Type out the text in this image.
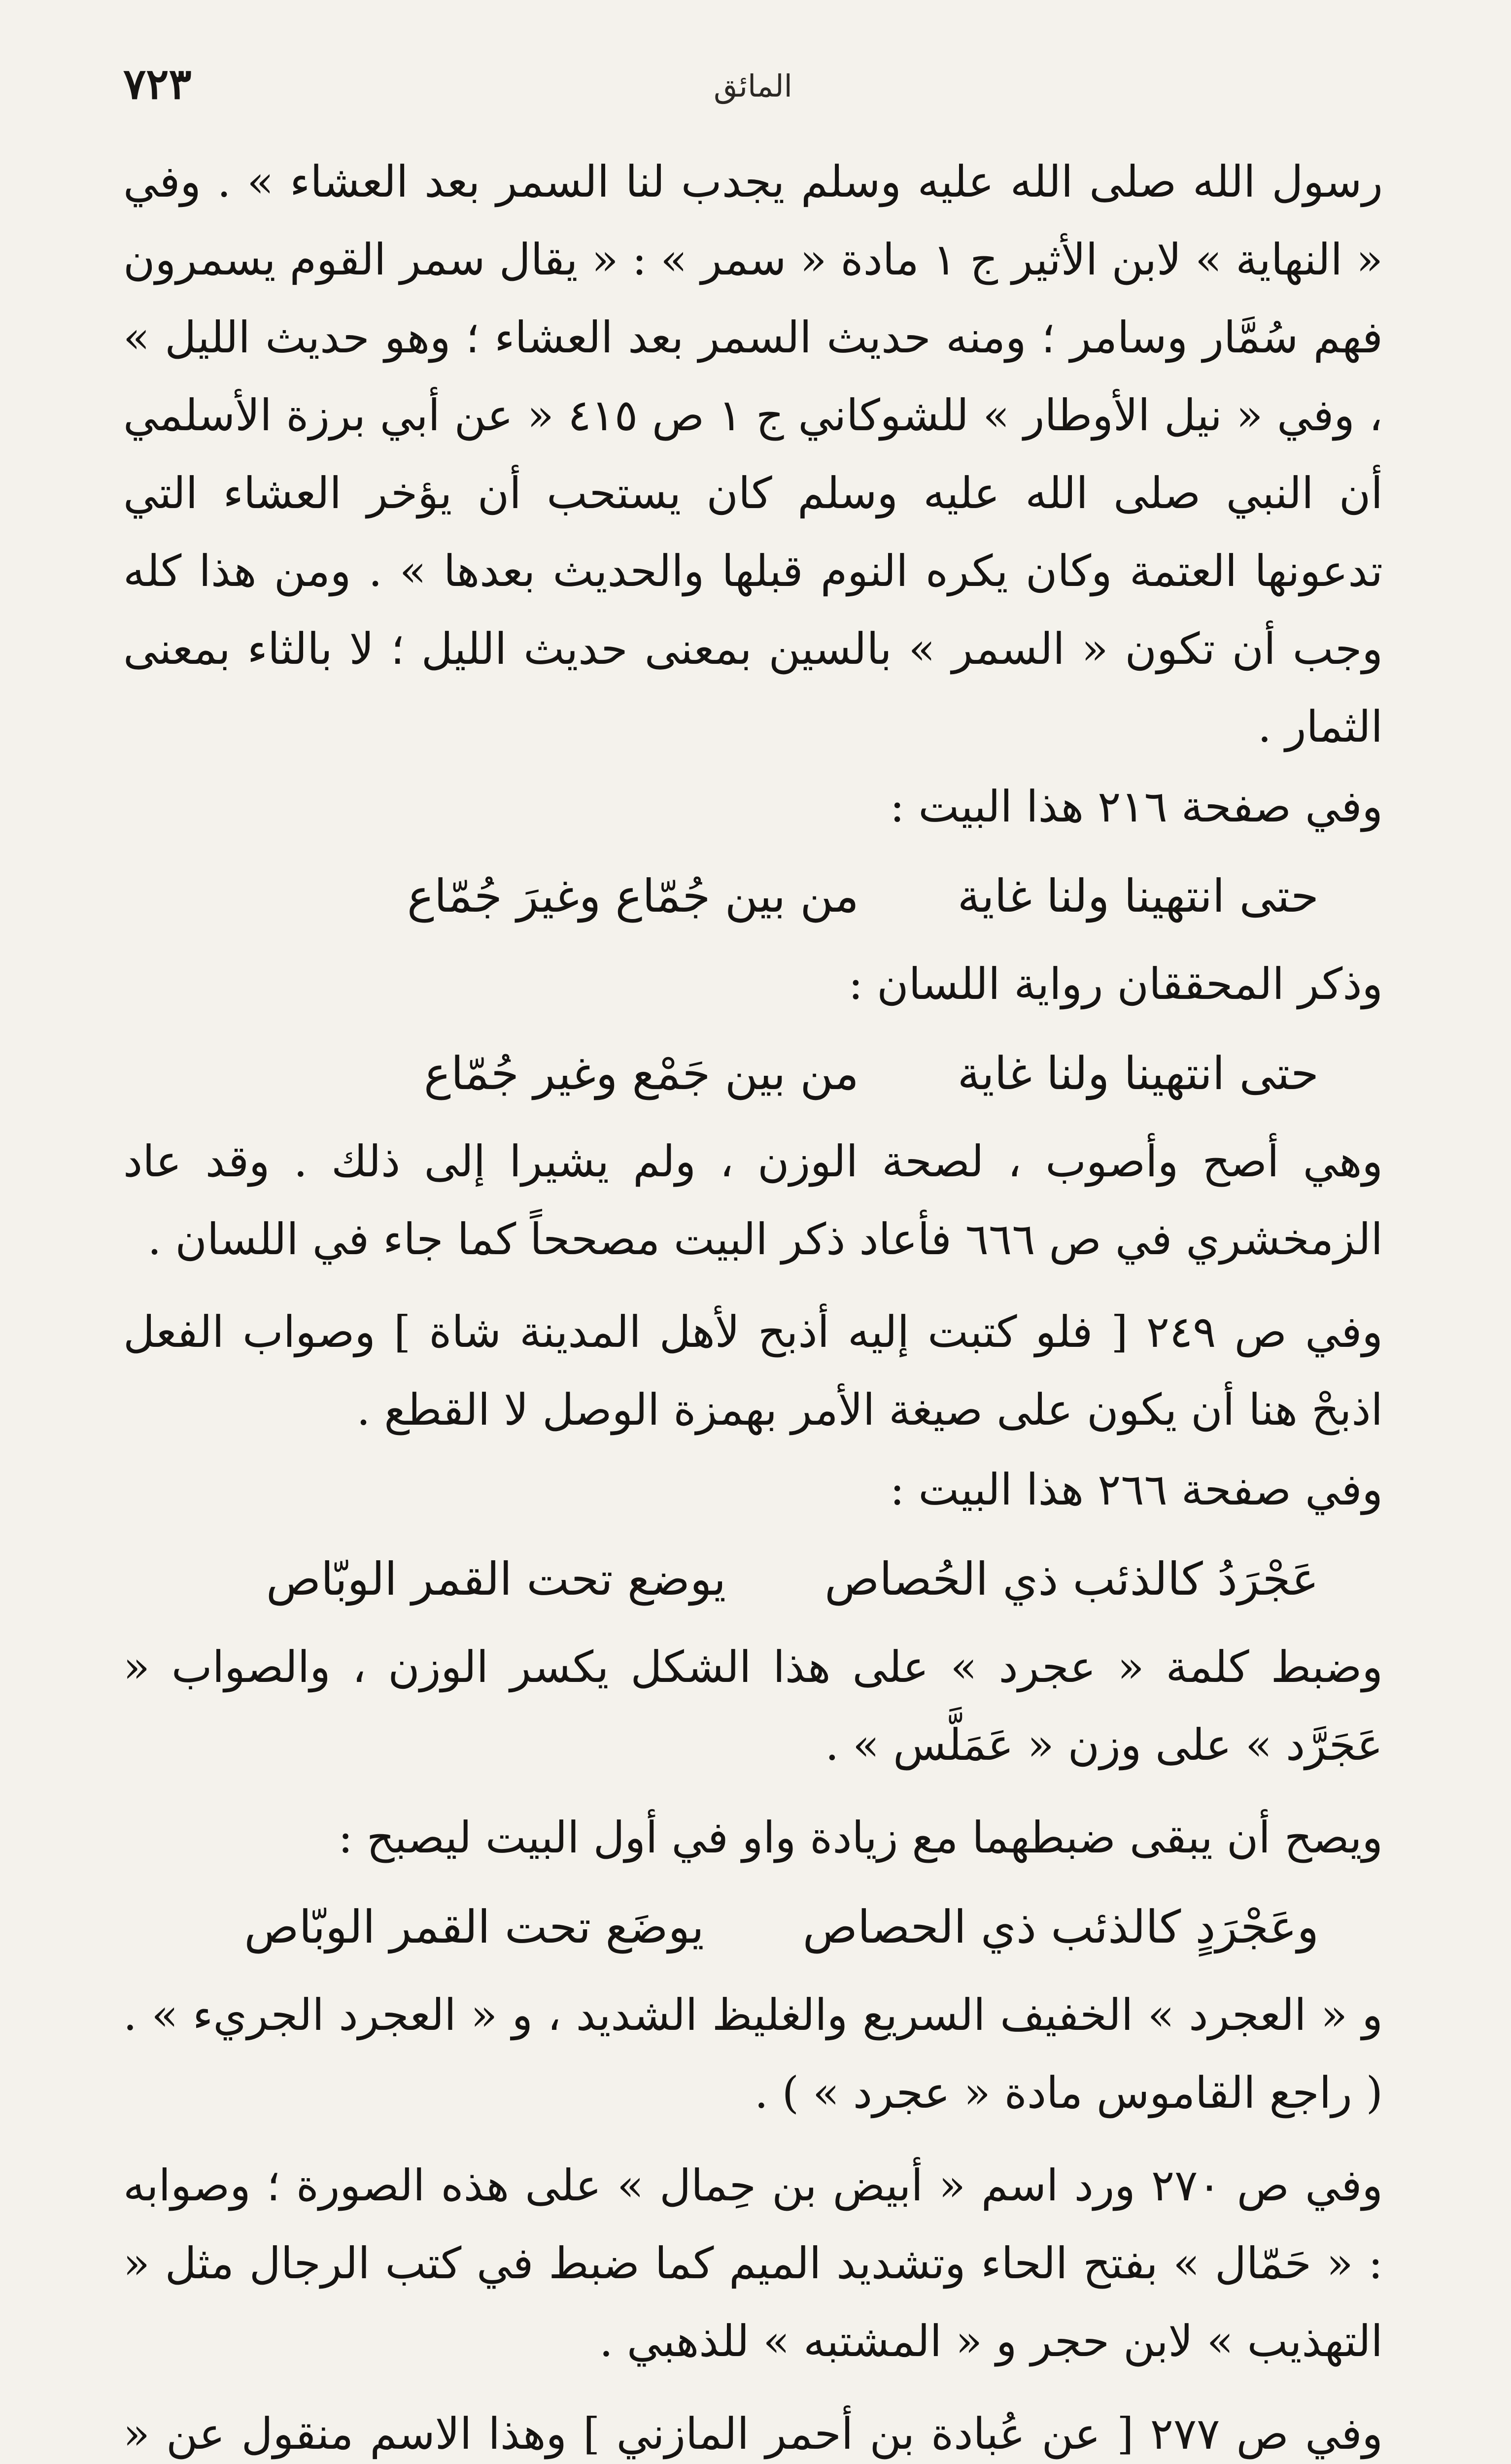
٧٢٣	المائق

رسول الله صلى الله عليه وسلم يجدب لنا السمر بعد العشاء » . وفي « النهاية » لابن الأثير ج ١ مادة « سمر » : « يقال سمر القوم يسمرون فهم سُمَّار وسامر ؛ ومنه حديث السمر بعد العشاء ؛ وهو حديث الليل » ، وفي « نيل الأوطار » للشوكاني ج ١ ص ٤١٥ « عن أبي برزة الأسلمي أن النبي صلى الله عليه وسلم كان يستحب أن يؤخر العشاء التي تدعونها العتمة وكان يكره النوم قبلها والحديث بعدها » . ومن هذا كله وجب أن تكون « السمر » بالسين بمعنى حديث الليل ؛ لا بالثاء بمعنى الثمار .

وفي صفحة ٢١٦ هذا البيت :

حتى انتهينا ولنا غاية
من بين جُمّاع وغيرَ جُمّاع

وذكر المحققان رواية اللسان :

حتى انتهينا ولنا غاية
من بين جَمْع وغير جُمّاع

وهي أصح وأصوب ، لصحة الوزن ، ولم يشيرا إلى ذلك . وقد عاد الزمخشري في ص ٦٦٦ فأعاد ذكر البيت مصححاً كما جاء في اللسان .

وفي ص ٢٤٩ [ فلو كتبت إليه أذبح لأهل المدينة شاة ] وصواب الفعل اذبحْ هنا أن يكون على صيغة الأمر بهمزة الوصل لا القطع .

وفي صفحة ٢٦٦ هذا البيت :

عَجْرَدُ كالذئب ذي الحُصاص
يوضع تحت القمر الوبّاص

وضبط كلمة « عجرد » على هذا الشكل يكسر الوزن ، والصواب « عَجَرَّد » على وزن « عَمَلَّس » .

ويصح أن يبقى ضبطهما مع زيادة واو في أول البيت ليصبح :

وعَجْرَدٍ كالذئب ذي الحصاص
يوضَع تحت القمر الوبّاص

و « العجرد » الخفيف السريع والغليظ الشديد ، و « العجرد الجريء » . ( راجع القاموس مادة « عجرد » ) .

وفي ص ٢٧٠ ورد اسم « أبيض بن حِمال » على هذه الصورة ؛ وصوابه : « حَمّال » بفتح الحاء وتشديد الميم كما ضبط في كتب الرجال مثل « التهذيب » لابن حجر و « المشتبه » للذهبي .

وفي ص ٢٧٧ [ عن عُبادة بن أحمر المازني ] وهذا الاسم منقول عن «
